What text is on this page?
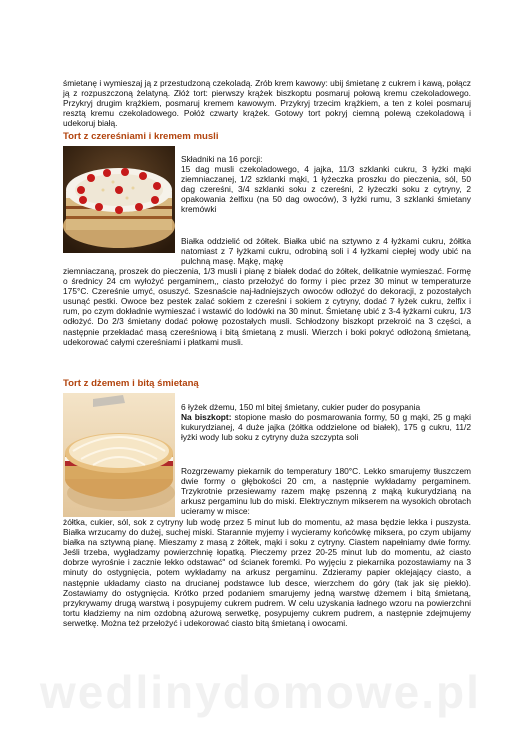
śmietanę i wymieszaj ją z przestudzoną czekoladą. Zrób krem kawowy: ubij śmietanę z cukrem i kawą, połącz ją z rozpuszczoną żelatyną. Złóż tort: pierwszy krążek biszkoptu posmaruj połową kremu czekoladowego. Przykryj drugim krążkiem, posmaruj kremem kawowym. Przykryj trzecim krążkiem, a ten z kolei posmaruj resztą kremu czekoladowego. Połóż czwarty krążek. Gotowy tort pokryj ciemną polewą czekoladową i udekoruj białą.

Tort z czereśniami i kremem musli
Składniki na 16 porcji:
15 dag musli czekoladowego, 4 jajka, 11/3 szklanki cukru, 3 łyżki mąki ziemniaczanej, 1/2 szklanki mąki, 1 łyżeczka proszku do pieczenia, sól, 50 dag czereśni, 3/4 szklanki soku z czereśni, 2 łyżeczki soku z cytryny, 2 opakowania żelfixu (na 50 dag owoców), 3 łyżki rumu, 3 szklanki śmietany kremówki

Białka oddzielić od żółtek. Białka ubić na sztywno z 4 łyżkami cukru, żółtka natomiast z 7 łyżkami cukru, odrobiną soli i 4 łyżkami ciepłej wody ubić na pulchną masę. Mąkę, mąkę

ziemniaczaną, proszek do pieczenia, 1/3 musli i pianę z białek dodać do żółtek, delikatnie wymieszać. Formę o średnicy 24 cm wyłożyć pergaminem,, ciasto przełożyć do formy i piec przez 30 minut w temperaturze 175°C. Czereśnie umyć, osuszyć. Szesnaście naj-ładniejszych owoców odłożyć do dekoracji, z pozostałych usunąć pestki. Owoce bez pestek zalać sokiem z czereśni i sokiem z cytryny, dodać 7 łyżek cukru, żelfix i rum, po czym dokładnie wymieszać i wstawić do lodówki na 30 minut. Śmietanę ubić z 3-4 łyżkarni cukru, 1/3 odłożyć. Do 2/3 śmietany dodać połowę pozostałych musli. Schłodzony biszkopt przekroić na 3 części, a następnie przekładać masą czereśniową i bitą śmietaną z musli. Wierzch i boki pokryć odłożoną śmietaną, udekorować całymi czereśniami i płatkami musli.

Tort z dżemem i bitą śmietaną
6 łyżek dżemu, 150 ml bitej śmietany, cukier puder do posypania
Na biszkopt: stopione masło do posmarowania formy, 50 g mąki, 25 g mąki kukurydzianej, 4 duże jajka (żółtka oddzielone od białek), 175 g cukru, 11/2 łyżki wody lub soku z cytryny duża szczypta soli

Rozgrzewamy piekarnik do temperatury 180°C. Lekko smarujemy tłuszczem dwie formy o głębokości 20 cm, a następnie wykładamy pergaminem. Trzykrotnie przesiewamy razem mąkę pszenną z mąką kukurydzianą na arkusz pergaminu lub do miski. Elektrycznym mikserem na wysokich obrotach ucieramy w misce:

żółtka, cukier, sól, sok z cytryny lub wodę przez 5 minut lub do momentu, aż masa będzie lekka i puszysta. Białka wrzucamy do dużej, suchej miski. Starannie myjemy i wycieramy końcówkę miksera, po czym ubijamy białka na sztywną pianę. Mieszamy z masą z żółtek, mąki i soku z cytryny. Ciastem napełniamy dwie formy. Jeśli trzeba, wygładzamy powierzchnię łopatką. Pieczemy przez 20-25 minut lub do momentu, aż ciasto dobrze wyrośnie i zacznie lekko odstawać" od ścianek foremki. Po wyjęciu z piekarnika pozostawiamy na 3 minuty do ostygnięcia, potem wykładamy na arkusz pergaminu. Zdzieramy papier oklejający ciasto, a następnie układamy ciasto na drucianej podstawce lub desce, wierzchem do góry (tak jak się piekło). Zostawiamy do ostygnięcia. Krótko przed podaniem smarujemy jedną warstwę dżemem i bitą śmietaną, przykrywamy drugą warstwą i posypujemy cukrem pudrem. W celu uzyskania ładnego wzoru na powierzchni tortu kładziemy na nim ozdobną ażurową serwetkę, posypujemy cukrem pudrem, a następnie zdejmujemy serwetkę. Można też przełożyć i udekorować ciasto bitą śmietaną i owocami.

wedlinydomowe.pl
